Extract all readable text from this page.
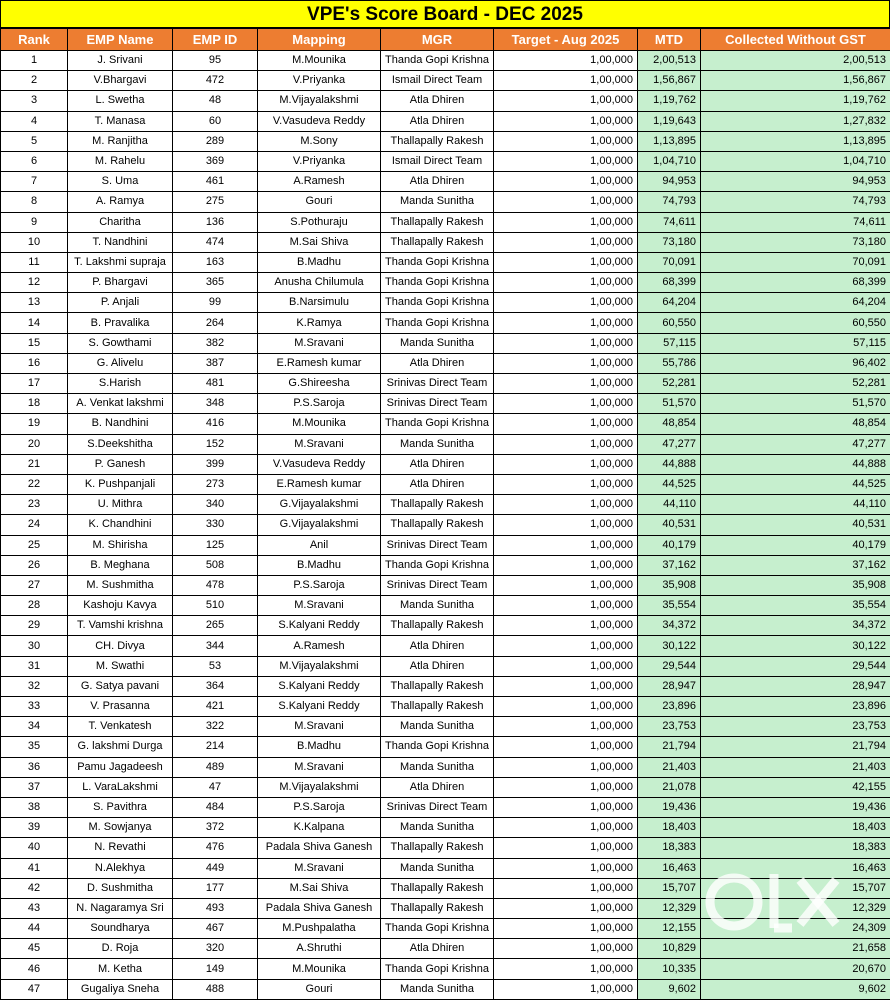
VPE's Score Board - DEC 2025
Rank	EMP Name	EMP ID	Mapping	MGR	Target - Aug 2025	MTD	Collected Without GST
1	J. Srivani	95	M.Mounika	Thanda Gopi Krishna	1,00,000	2,00,513	2,00,513
2	V.Bhargavi	472	V.Priyanka	Ismail Direct Team	1,00,000	1,56,867	1,56,867
3	L. Swetha	48	M.Vijayalakshmi	Atla Dhiren	1,00,000	1,19,762	1,19,762
4	T. Manasa	60	V.Vasudeva Reddy	Atla Dhiren	1,00,000	1,19,643	1,27,832
5	M. Ranjitha	289	M.Sony	Thallapally Rakesh	1,00,000	1,13,895	1,13,895
6	M. Rahelu	369	V.Priyanka	Ismail Direct Team	1,00,000	1,04,710	1,04,710
7	S. Uma	461	A.Ramesh	Atla Dhiren	1,00,000	94,953	94,953
8	A. Ramya	275	Gouri	Manda Sunitha	1,00,000	74,793	74,793
9	Charitha	136	S.Pothuraju	Thallapally Rakesh	1,00,000	74,611	74,611
10	T. Nandhini	474	M.Sai Shiva	Thallapally Rakesh	1,00,000	73,180	73,180
11	T. Lakshmi supraja	163	B.Madhu	Thanda Gopi Krishna	1,00,000	70,091	70,091
12	P. Bhargavi	365	Anusha Chilumula	Thanda Gopi Krishna	1,00,000	68,399	68,399
13	P. Anjali	99	B.Narsimulu	Thanda Gopi Krishna	1,00,000	64,204	64,204
14	B. Pravalika	264	K.Ramya	Thanda Gopi Krishna	1,00,000	60,550	60,550
15	S. Gowthami	382	M.Sravani	Manda Sunitha	1,00,000	57,115	57,115
16	G. Alivelu	387	E.Ramesh kumar	Atla Dhiren	1,00,000	55,786	96,402
17	S.Harish	481	G.Shireesha	Srinivas Direct Team	1,00,000	52,281	52,281
18	A. Venkat lakshmi	348	P.S.Saroja	Srinivas Direct Team	1,00,000	51,570	51,570
19	B. Nandhini	416	M.Mounika	Thanda Gopi Krishna	1,00,000	48,854	48,854
20	S.Deekshitha	152	M.Sravani	Manda Sunitha	1,00,000	47,277	47,277
21	P. Ganesh	399	V.Vasudeva Reddy	Atla Dhiren	1,00,000	44,888	44,888
22	K. Pushpanjali	273	E.Ramesh kumar	Atla Dhiren	1,00,000	44,525	44,525
23	U. Mithra	340	G.Vijayalakshmi	Thallapally Rakesh	1,00,000	44,110	44,110
24	K. Chandhini	330	G.Vijayalakshmi	Thallapally Rakesh	1,00,000	40,531	40,531
25	M. Shirisha	125	Anil	Srinivas Direct Team	1,00,000	40,179	40,179
26	B. Meghana	508	B.Madhu	Thanda Gopi Krishna	1,00,000	37,162	37,162
27	M. Sushmitha	478	P.S.Saroja	Srinivas Direct Team	1,00,000	35,908	35,908
28	Kashoju Kavya	510	M.Sravani	Manda Sunitha	1,00,000	35,554	35,554
29	T. Vamshi krishna	265	S.Kalyani Reddy	Thallapally Rakesh	1,00,000	34,372	34,372
30	CH. Divya	344	A.Ramesh	Atla Dhiren	1,00,000	30,122	30,122
31	M. Swathi	53	M.Vijayalakshmi	Atla Dhiren	1,00,000	29,544	29,544
32	G. Satya pavani	364	S.Kalyani Reddy	Thallapally Rakesh	1,00,000	28,947	28,947
33	V. Prasanna	421	S.Kalyani Reddy	Thallapally Rakesh	1,00,000	23,896	23,896
34	T. Venkatesh	322	M.Sravani	Manda Sunitha	1,00,000	23,753	23,753
35	G. lakshmi Durga	214	B.Madhu	Thanda Gopi Krishna	1,00,000	21,794	21,794
36	Pamu Jagadeesh	489	M.Sravani	Manda Sunitha	1,00,000	21,403	21,403
37	L. VaraLakshmi	47	M.Vijayalakshmi	Atla Dhiren	1,00,000	21,078	42,155
38	S. Pavithra	484	P.S.Saroja	Srinivas Direct Team	1,00,000	19,436	19,436
39	M. Sowjanya	372	K.Kalpana	Manda Sunitha	1,00,000	18,403	18,403
40	N. Revathi	476	Padala Shiva Ganesh	Thallapally Rakesh	1,00,000	18,383	18,383
41	N.Alekhya	449	M.Sravani	Manda Sunitha	1,00,000	16,463	16,463
42	D. Sushmitha	177	M.Sai Shiva	Thallapally Rakesh	1,00,000	15,707	15,707
43	N. Nagaramya Sri	493	Padala Shiva Ganesh	Thallapally Rakesh	1,00,000	12,329	12,329
44	Soundharya	467	M.Pushpalatha	Thanda Gopi Krishna	1,00,000	12,155	24,309
45	D. Roja	320	A.Shruthi	Atla Dhiren	1,00,000	10,829	21,658
46	M. Ketha	149	M.Mounika	Thanda Gopi Krishna	1,00,000	10,335	20,670
47	Gugaliya Sneha	488	Gouri	Manda Sunitha	1,00,000	9,602	9,602
